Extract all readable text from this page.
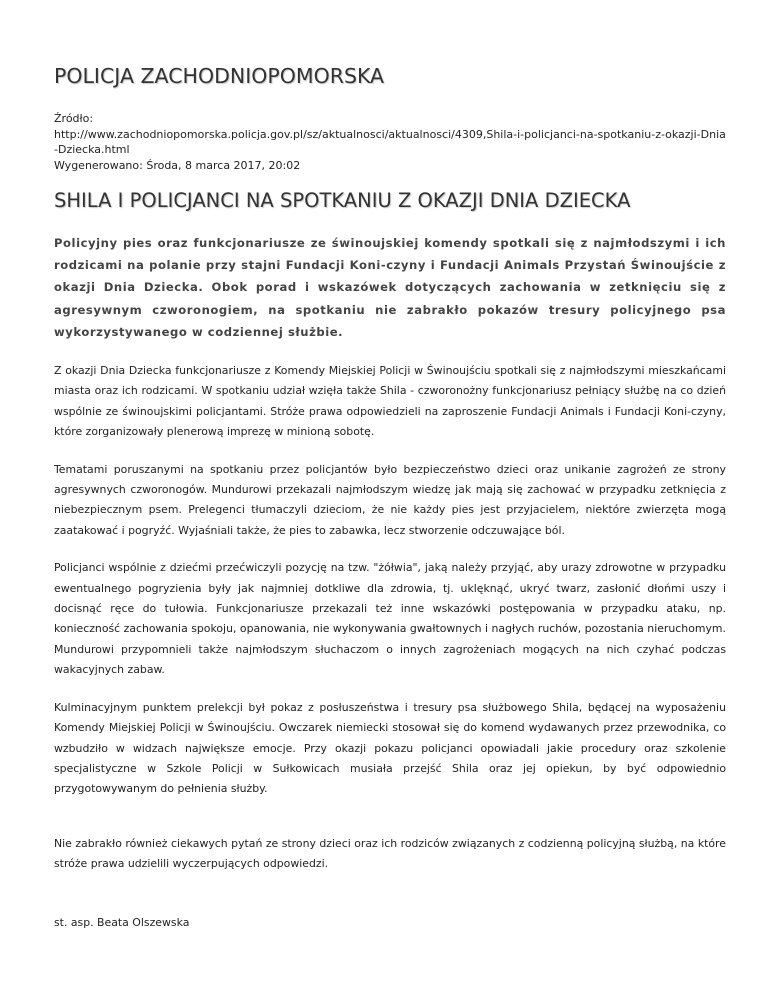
POLICJA ZACHODNIOPOMORSKA
Źródło:
http://www.zachodniopomorska.policja.gov.pl/sz/aktualnosci/aktualnosci/4309,Shila-i-policjanci-na-spotkaniu-z-okazji-Dnia-Dziecka.html
Wygenerowano: Środa, 8 marca 2017, 20:02
SHILA I POLICJANCI NA SPOTKANIU Z OKAZJI DNIA DZIECKA
Policyjny pies oraz funkcjonariusze ze świnoujskiej komendy spotkali się z najmłodszymi i ich rodzicami na polanie przy stajni Fundacji Koni-czyny i Fundacji Animals Przystań Świnoujście z okazji Dnia Dziecka. Obok porad i wskazówek dotyczących zachowania w zetknięciu się z agresywnym czworonogiem, na spotkaniu nie zabrakło pokazów tresury policyjnego psa wykorzystywanego w codziennej służbie.
Z okazji Dnia Dziecka funkcjonariusze z Komendy Miejskiej Policji w Świnoujściu spotkali się z najmłodszymi mieszkańcami miasta oraz ich rodzicami. W spotkaniu udział wzięła także Shila - czworonożny funkcjonariusz pełniący służbę na co dzień wspólnie ze świnoujskimi policjantami. Stróże prawa odpowiedzieli na zaproszenie Fundacji Animals i Fundacji Koni-czyny, które zorganizowały plenerową imprezę w minioną sobotę.
Tematami poruszanymi na spotkaniu przez policjantów było bezpieczeństwo dzieci oraz unikanie zagrożeń ze strony agresywnych czworonogów. Mundurowi przekazali najmłodszym wiedzę jak mają się zachować w przypadku zetknięcia z niebezpiecznym psem. Prelegenci tłumaczyli dzieciom, że nie każdy pies jest przyjacielem, niektóre zwierzęta mogą zaatakować i pogryźć. Wyjaśniali także, że pies to zabawka, lecz stworzenie odczuwające ból.
Policjanci wspólnie z dziećmi przećwiczyli pozycję na tzw. "żółwia", jaką należy przyjąć, aby urazy zdrowotne w przypadku ewentualnego pogryzienia były jak najmniej dotkliwe dla zdrowia, tj. uklęknąć, ukryć twarz, zasłonić dłońmi uszy i docisnąć ręce do tułowia. Funkcjonariusze przekazali też inne wskazówki postępowania w przypadku ataku, np. konieczność zachowania spokoju, opanowania, nie wykonywania gwałtownych i nagłych ruchów, pozostania nieruchomym. Mundurowi przypomnieli także najmłodszym słuchaczom o innych zagrożeniach mogących na nich czyhać podczas wakacyjnych zabaw.
Kulminacyjnym punktem prelekcji był pokaz z posłuszeństwa i tresury psa służbowego Shila, będącej na wyposażeniu Komendy Miejskiej Policji w Świnoujściu. Owczarek niemiecki stosował się do komend wydawanych przez przewodnika, co wzbudziło w widzach największe emocje. Przy okazji pokazu policjanci opowiadali jakie procedury oraz szkolenie specjalistyczne w Szkole Policji w Sułkowicach musiała przejść Shila oraz jej opiekun, by być odpowiednio przygotowywanym do pełnienia służby.
Nie zabrakło również ciekawych pytań ze strony dzieci oraz ich rodziców związanych z codzienną policyjną służbą, na które stróże prawa udzielili wyczerpujących odpowiedzi.
st. asp. Beata Olszewska
